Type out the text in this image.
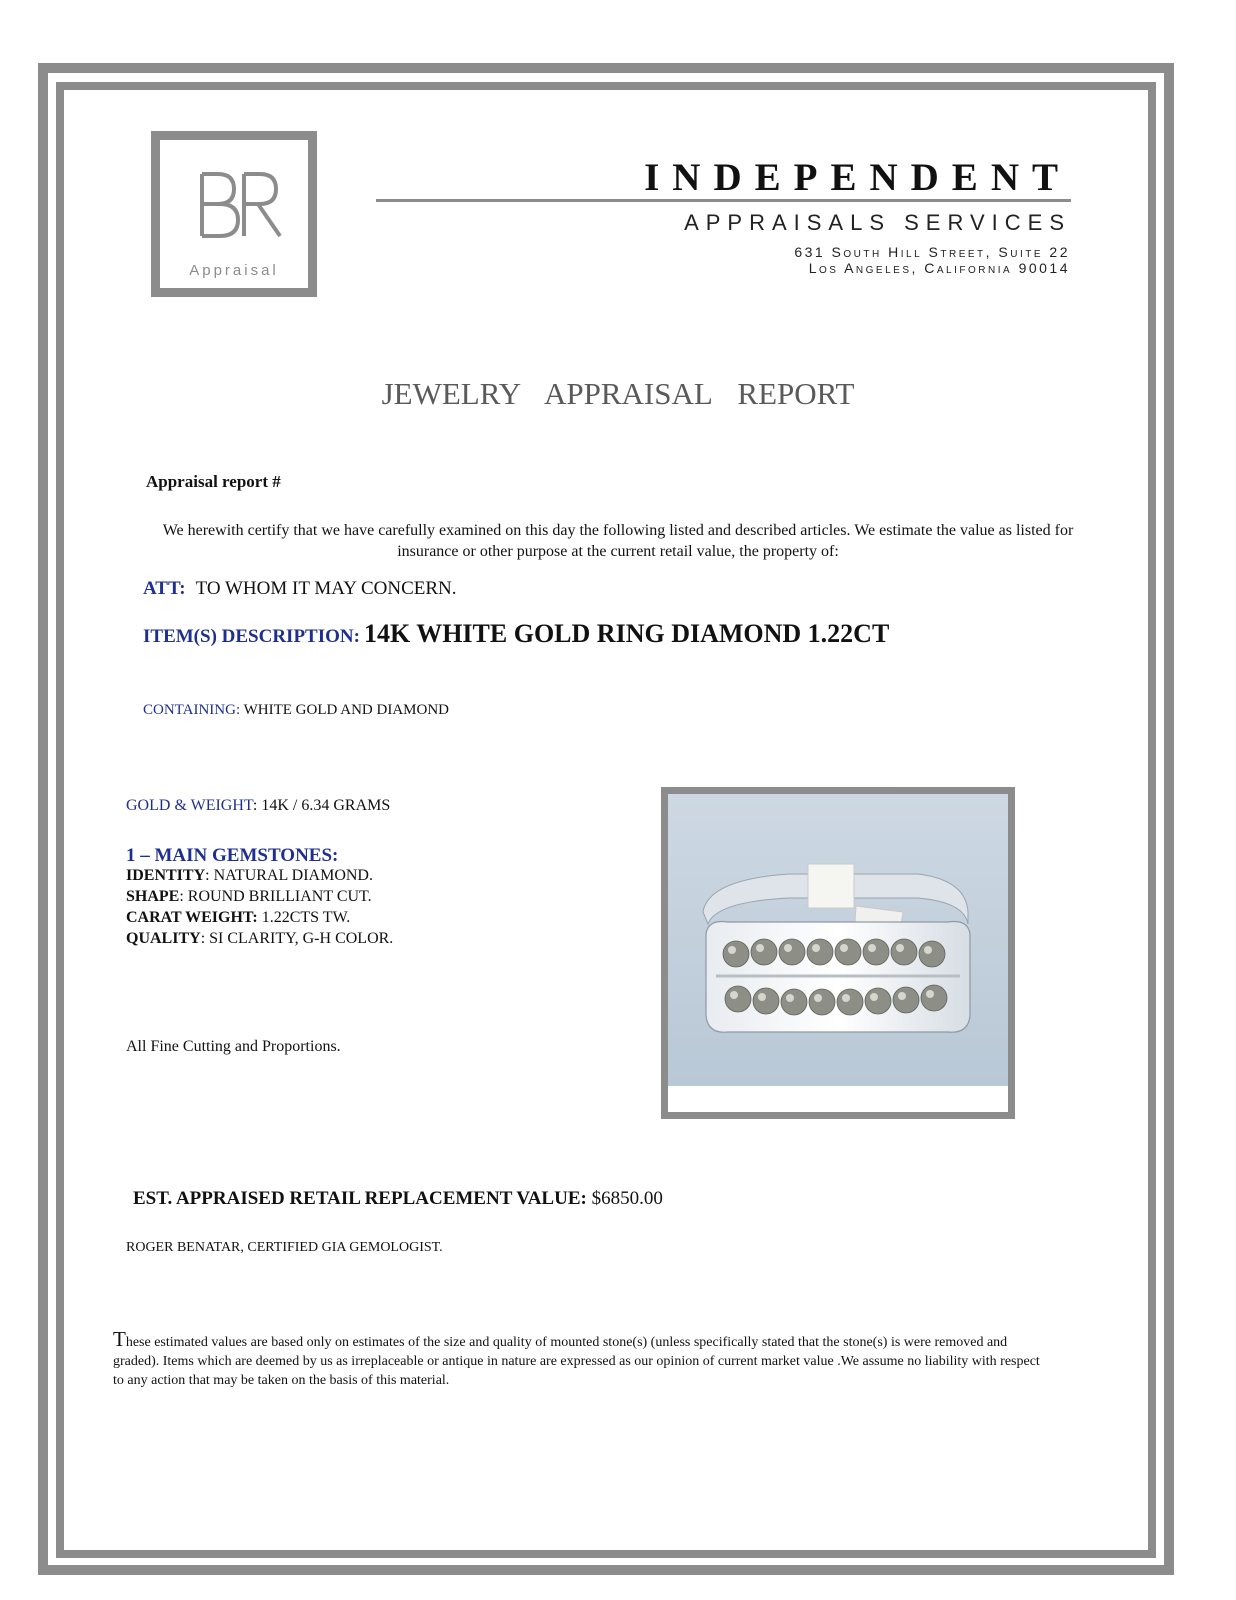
Appraisal
INDEPENDENT
APPRAISALS SERVICES
631 South Hill Street, Suite 22
Los Angeles, California 90014
JEWELRY APPRAISAL REPORT
Appraisal report #
We herewith certify that we have carefully examined on this day the following listed and described articles. We estimate the value as listed for insurance or other purpose at the current retail value, the property of:
ATT: TO WHOM IT MAY CONCERN.
ITEM(S) DESCRIPTION: 14K WHITE GOLD RING DIAMOND 1.22CT
CONTAINING: WHITE GOLD AND DIAMOND
GOLD & WEIGHT: 14K / 6.34 GRAMS
1 – MAIN GEMSTONES:
IDENTITY: NATURAL DIAMOND.
SHAPE: ROUND BRILLIANT CUT.
CARAT WEIGHT: 1.22CTS TW.
QUALITY: SI CLARITY, G-H COLOR.
All Fine Cutting and Proportions.
EST. APPRAISED RETAIL REPLACEMENT VALUE: $6850.00
ROGER BENATAR, CERTIFIED GIA GEMOLOGIST.
These estimated values are based only on estimates of the size and quality of mounted stone(s) (unless specifically stated that the stone(s) is were removed and graded). Items which are deemed by us as irreplaceable or antique in nature are expressed as our opinion of current market value .We assume no liability with respect to any action that may be taken on the basis of this material.
